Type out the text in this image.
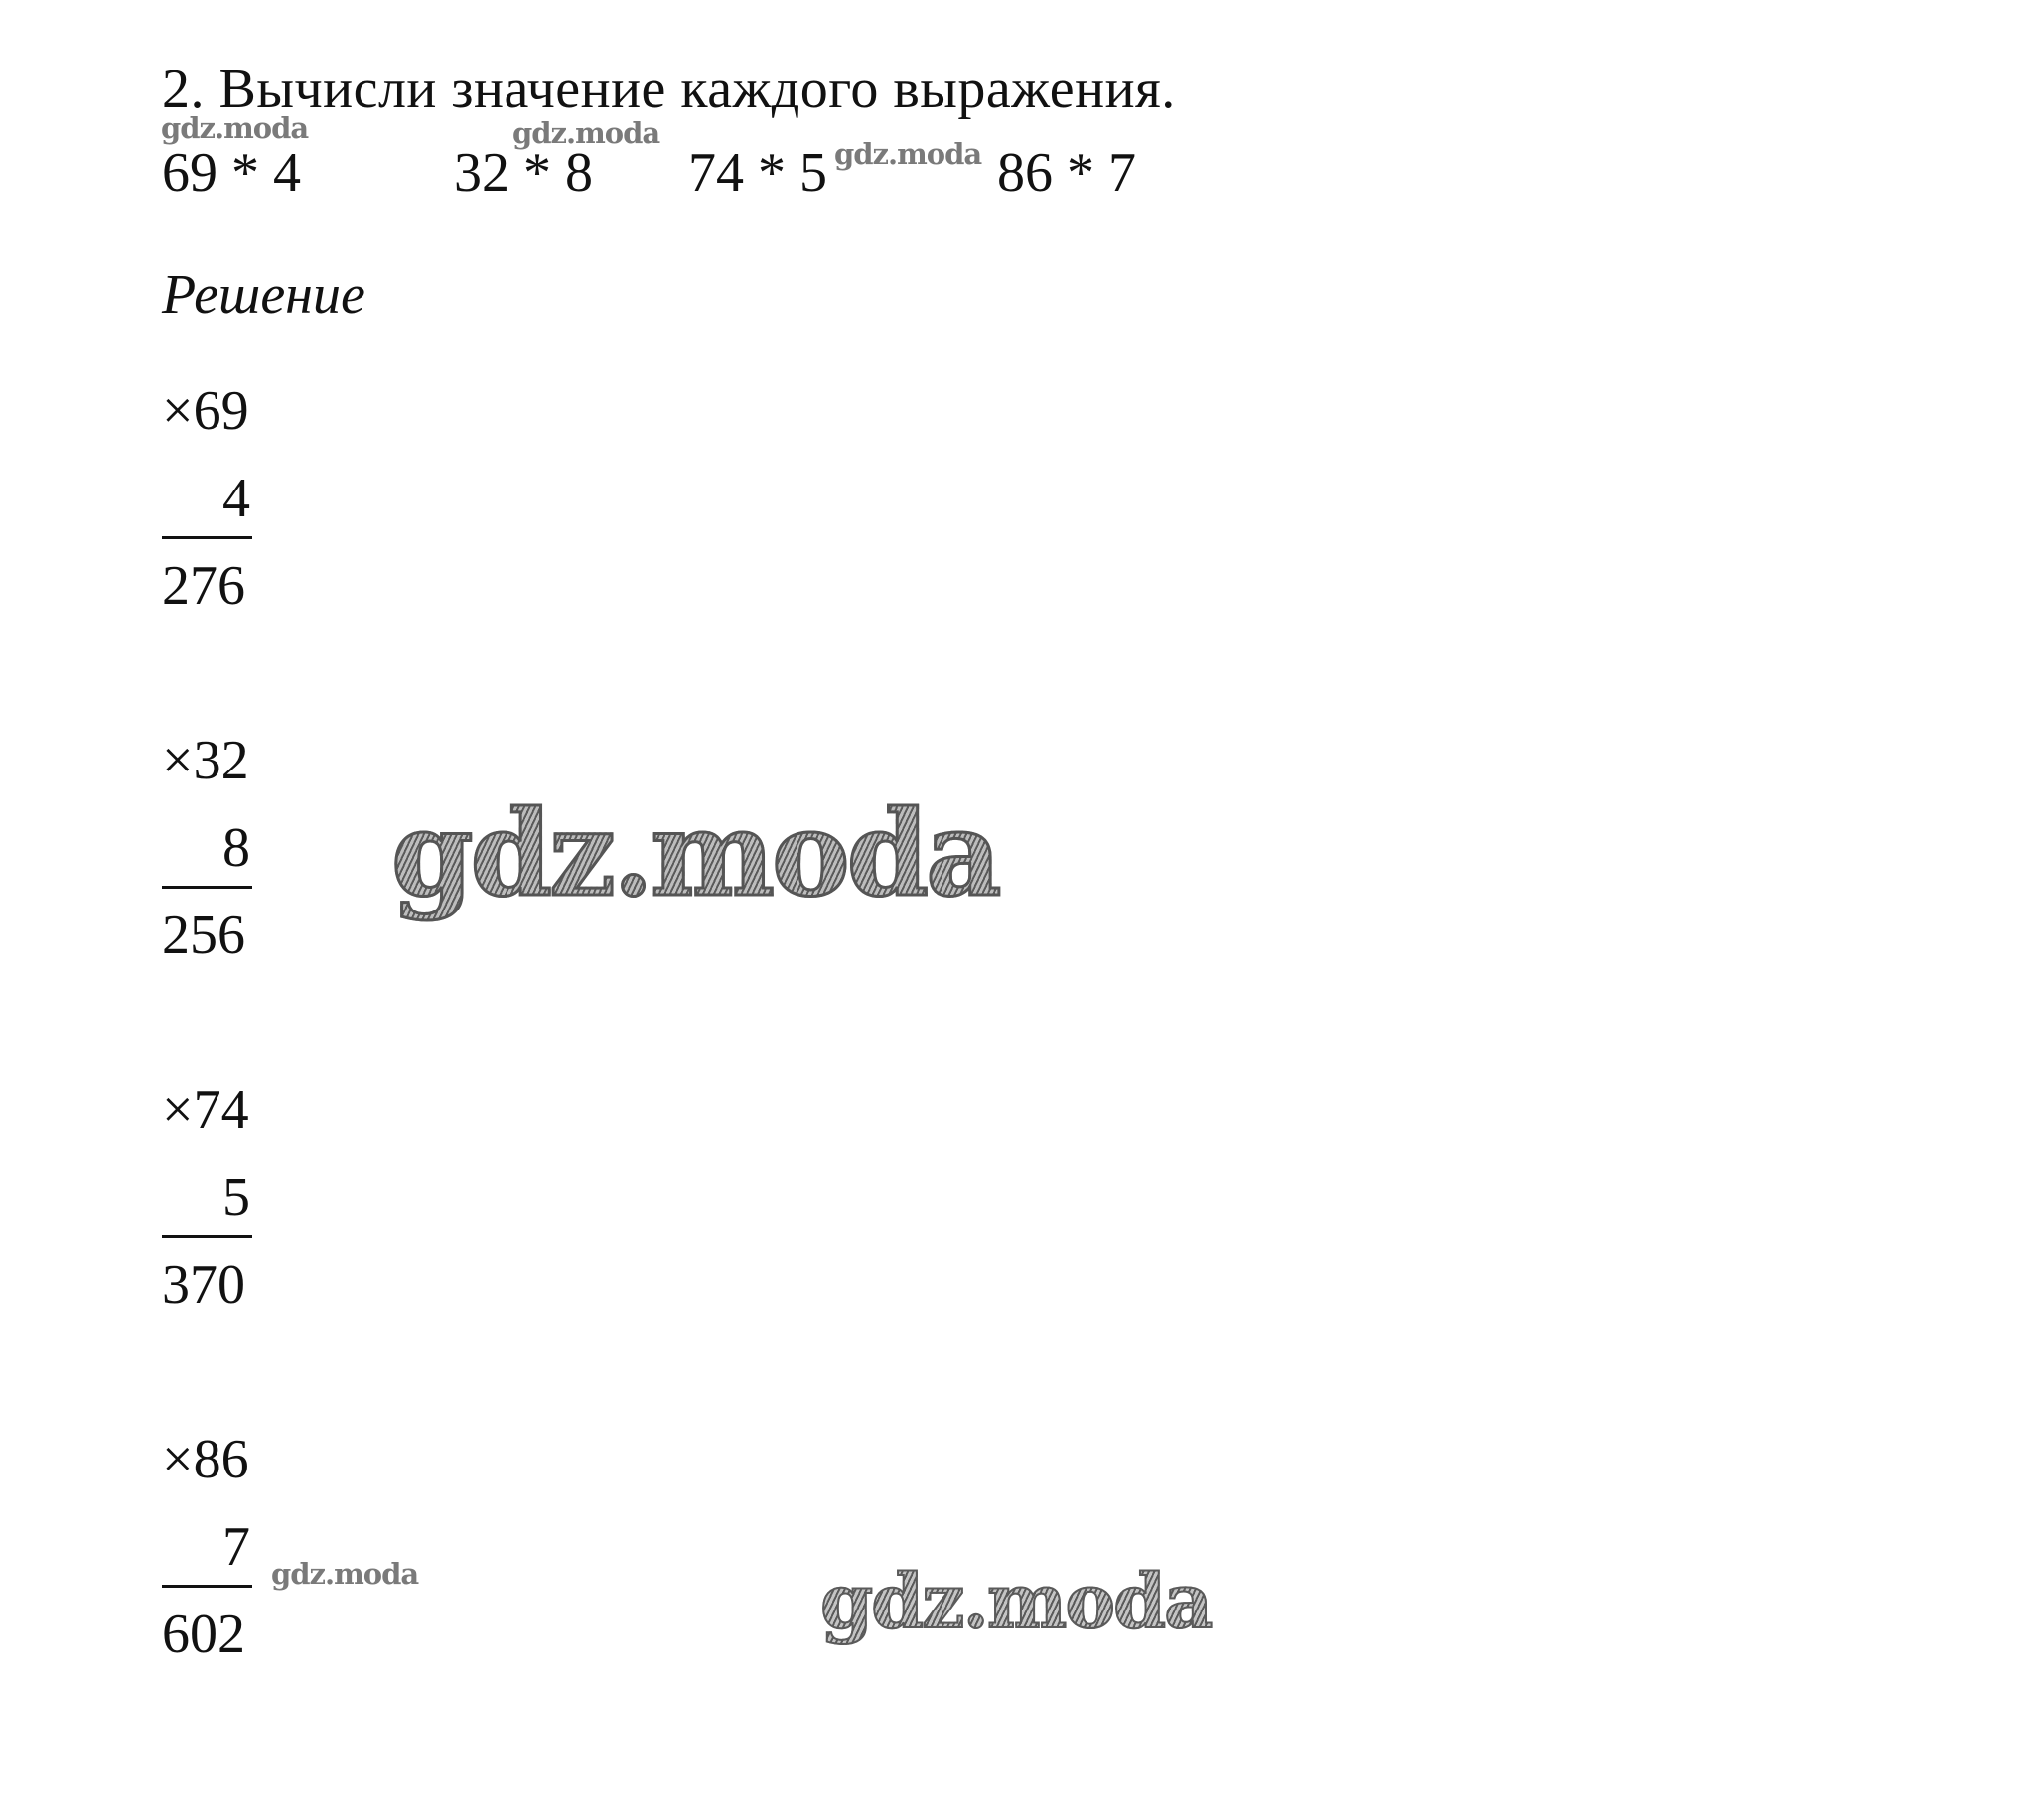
2. Вычисли значение каждого выражения.
69 * 4	32 * 8 74 * 5	86 * 7
Решение
×69
4
276
×32
8
256
×74
5
370
×86
7
602
gdz.moda	gdz.moda
gdz.moda
gdz.moda
gdz.moda
gdz.moda
